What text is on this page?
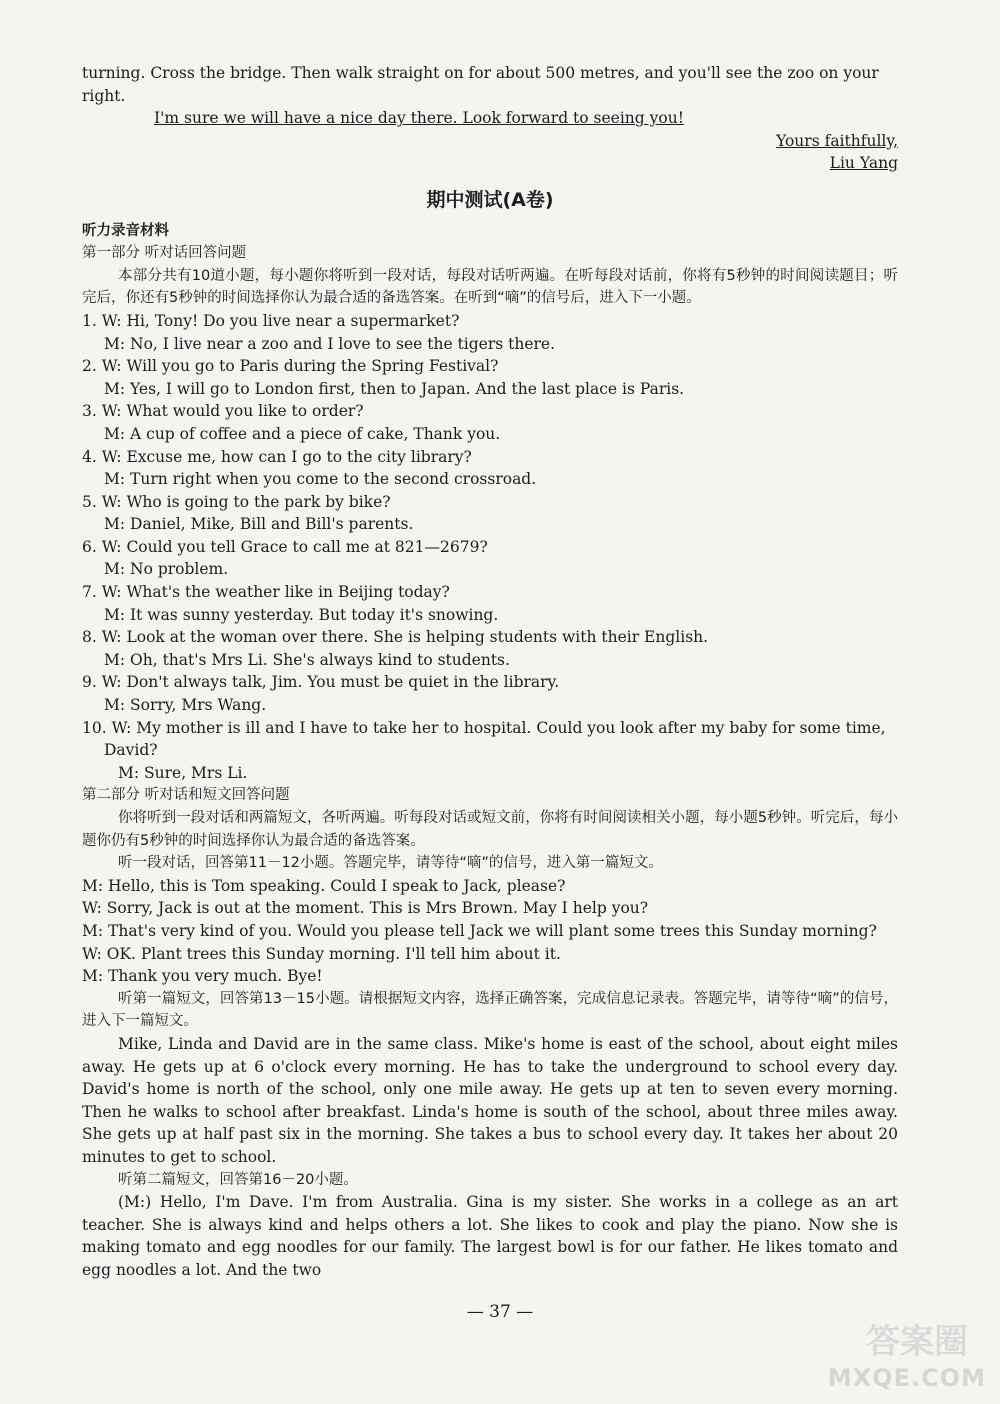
turning. Cross the bridge. Then walk straight on for about 500 metres, and you'll see the zoo on your
right.
I'm sure we will have a nice day there. Look forward to seeing you!
Yours faithfully,
Liu Yang
期中测试(A卷)
听力录音材料
第一部分 听对话回答问题
本部分共有10道小题，每小题你将听到一段对话，每段对话听两遍。在听每段对话前，你将有5秒钟的时间阅读题目；听完后，你还有5秒钟的时间选择你认为最合适的备选答案。在听到“嘀”的信号后，进入下一小题。
1. W: Hi, Tony! Do you live near a supermarket?
M: No, I live near a zoo and I love to see the tigers there.
2. W: Will you go to Paris during the Spring Festival?
M: Yes, I will go to London first, then to Japan. And the last place is Paris.
3. W: What would you like to order?
M: A cup of coffee and a piece of cake, Thank you.
4. W: Excuse me, how can I go to the city library?
M: Turn right when you come to the second crossroad.
5. W: Who is going to the park by bike?
M: Daniel, Mike, Bill and Bill's parents.
6. W: Could you tell Grace to call me at 821—2679?
M: No problem.
7. W: What's the weather like in Beijing today?
M: It was sunny yesterday. But today it's snowing.
8. W: Look at the woman over there. She is helping students with their English.
M: Oh, that's Mrs Li. She's always kind to students.
9. W: Don't always talk, Jim. You must be quiet in the library.
M: Sorry, Mrs Wang.
10. W: My mother is ill and I have to take her to hospital. Could you look after my baby for some time, David?
M: Sure, Mrs Li.
第二部分 听对话和短文回答问题
你将听到一段对话和两篇短文，各听两遍。听每段对话或短文前，你将有时间阅读相关小题，每小题5秒钟。听完后，每小题你仍有5秒钟的时间选择你认为最合适的备选答案。
听一段对话，回答第11－12小题。答题完毕，请等待“嘀”的信号，进入第一篇短文。
M: Hello, this is Tom speaking. Could I speak to Jack, please?
W: Sorry, Jack is out at the moment. This is Mrs Brown. May I help you?
M: That's very kind of you. Would you please tell Jack we will plant some trees this Sunday morning?
W: OK. Plant trees this Sunday morning. I'll tell him about it.
M: Thank you very much. Bye!
听第一篇短文，回答第13－15小题。请根据短文内容，选择正确答案，完成信息记录表。答题完毕，请等待“嘀”的信号，进入下一篇短文。
Mike, Linda and David are in the same class. Mike's home is east of the school, about eight miles away. He gets up at 6 o'clock every morning. He has to take the underground to school every day. David's home is north of the school, only one mile away. He gets up at ten to seven every morning. Then he walks to school after breakfast. Linda's home is south of the school, about three miles away. She gets up at half past six in the morning. She takes a bus to school every day. It takes her about 20 minutes to get to school.
听第二篇短文，回答第16－20小题。
(M:) Hello, I'm Dave. I'm from Australia. Gina is my sister. She works in a college as an art teacher. She is always kind and helps others a lot. She likes to cook and play the piano. Now she is making tomato and egg noodles for our family. The largest bowl is for our father. He likes tomato and egg noodles a lot. And the two
— 37 —
答案圈
MXQE.COM
